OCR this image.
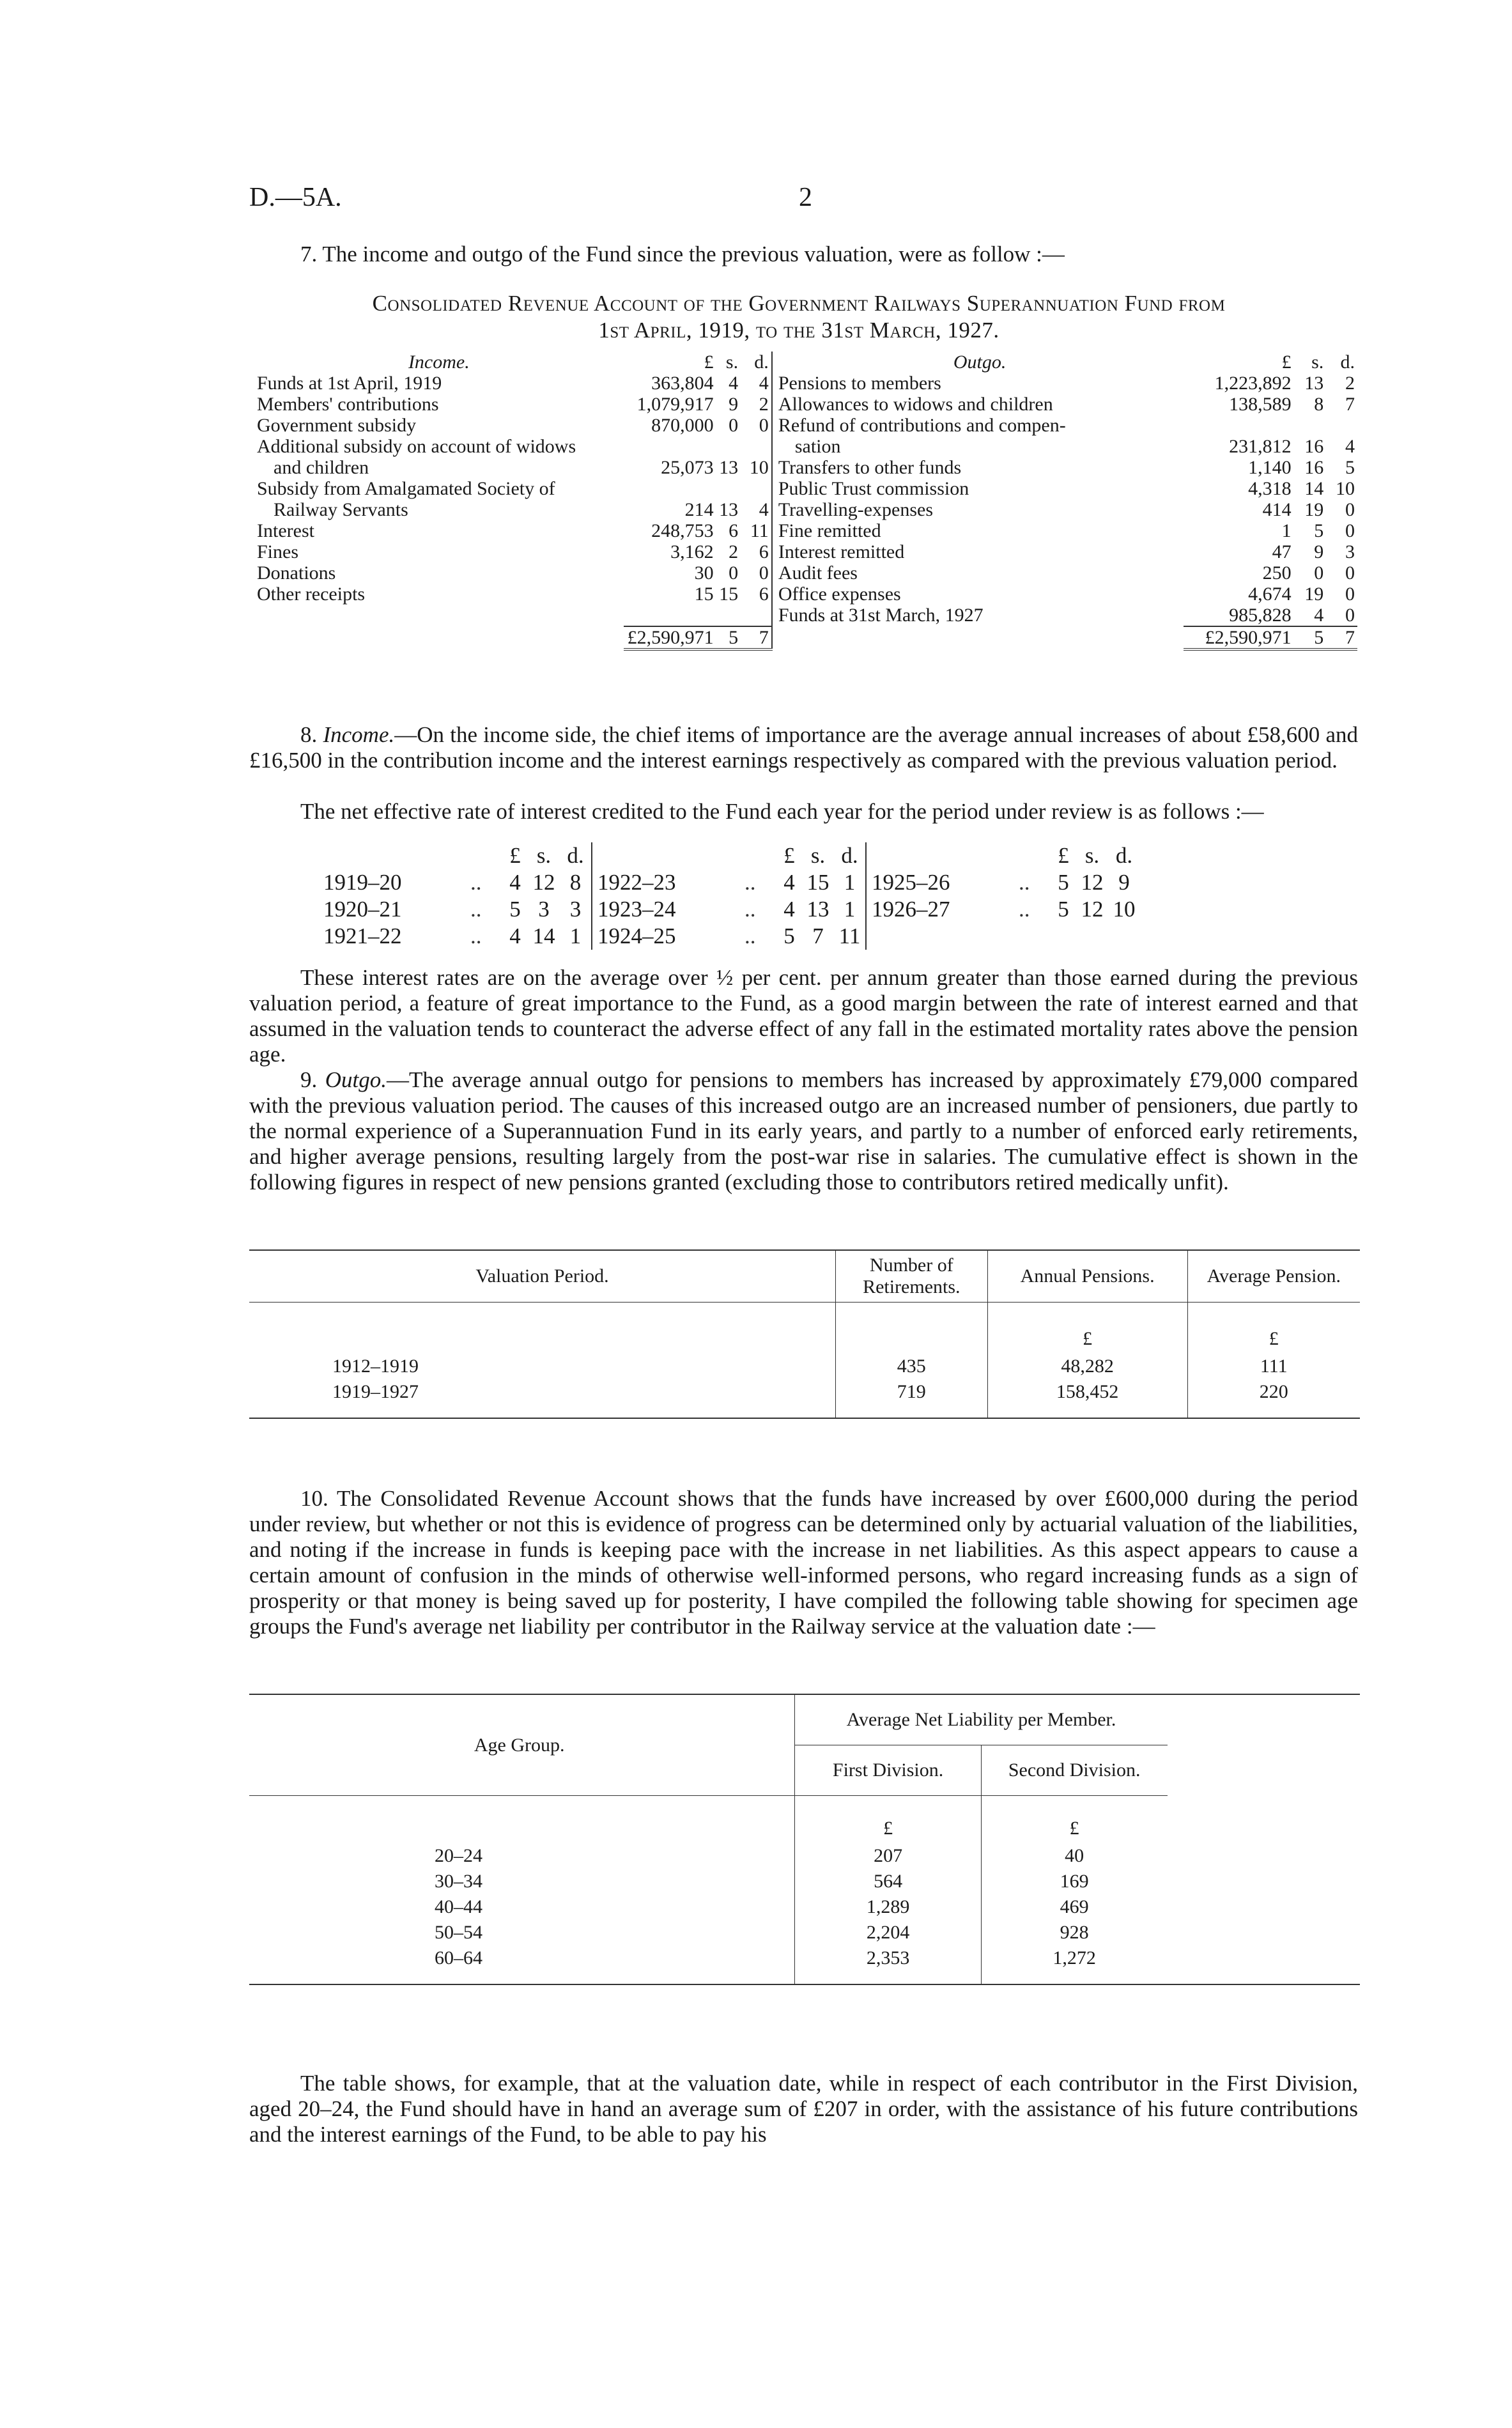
D.—5A.	2

7. The income and outgo of the Fund since the previous valuation, were as follow :—

Consolidated Revenue Account of the Government Railways Superannuation Fund from
1st April, 1919, to the 31st March, 1927.
Income.	£	s.	d.		Outgo.	£	s.	d.
Funds at 1st April, 1919	363,804	4	4		Pensions to members	1,223,892	13	2
Members' contributions	1,079,917	9	2		Allowances to widows and children	138,589	8	7
Government subsidy	870,000	0	0		Refund of contributions and compen-			
Additional subsidy on account of widows					sation	231,812	16	4
and children	25,073	13	10		Transfers to other funds	1,140	16	5
Subsidy from Amalgamated Society of					Public Trust commission	4,318	14	10
Railway Servants	214	13	4		Travelling-expenses	414	19	0
Interest	248,753	6	11		Fine remitted	1	5	0
Fines	3,162	2	6		Interest remitted	47	9	3
Donations	30	0	0		Audit fees	250	0	0
Other receipts	15	15	6		Office expenses	4,674	19	0
					Funds at 31st March, 1927	985,828	4	0

	£2,590,971	5	7			£2,590,971	5	7

8. Income.—On the income side, the chief items of importance are the average annual increases of about £58,600 and £16,500 in the contribution income and the interest earnings respectively as compared with the previous valuation period.

The net effective rate of interest credited to the Fund each year for the period under review is as follows :—

		£	s.	d.				£	s.	d.				£	s.	d.
1919–20	..	4	12	8		1922–23	..	4	15	1		1925–26	..	5	12	9
1920–21	..	5	3	3		1923–24	..	4	13	1		1926–27	..	5	12	10
1921–22	..	4	14	1		1924–25	..	5	7	11						

These interest rates are on the average over ½ per cent. per annum greater than those earned during the previous valuation period, a feature of great importance to the Fund, as a good margin between the rate of interest earned and that assumed in the valuation tends to counteract the adverse effect of any fall in the estimated mortality rates above the pension age.

9. Outgo.—The average annual outgo for pensions to members has increased by approximately £79,000 compared with the previous valuation period. The causes of this increased outgo are an increased number of pensioners, due partly to the normal experience of a Superannuation Fund in its early years, and partly to a number of enforced early retirements, and higher average pensions, resulting largely from the post-war rise in salaries. The cumulative effect is shown in the following figures in respect of new pensions granted (excluding those to contributors retired medically unfit).

Valuation Period.	Number of Retirements.	Annual Pensions.	Average Pension.
		£	£
1912–1919	435	48,282	111
1919–1927	719	158,452	220

10. The Consolidated Revenue Account shows that the funds have increased by over £600,000 during the period under review, but whether or not this is evidence of progress can be determined only by actuarial valuation of the liabilities, and noting if the increase in funds is keeping pace with the increase in net liabilities. As this aspect appears to cause a certain amount of confusion in the minds of otherwise well-informed persons, who regard increasing funds as a sign of prosperity or that money is being saved up for posterity, I have compiled the following table showing for specimen age groups the Fund's average net liability per contributor in the Railway service at the valuation date :—

Age Group.	Average Net Liability per Member.		
	First Division.	Second Division.	
	£	£	
20–24	207	40	
30–34	564	169	
40–44	1,289	469	
50–54	2,204	928	
60–64	2,353	1,272	

The table shows, for example, that at the valuation date, while in respect of each contributor in the First Division, aged 20–24, the Fund should have in hand an average sum of £207 in order, with the assistance of his future contributions and the interest earnings of the Fund, to be able to pay his
